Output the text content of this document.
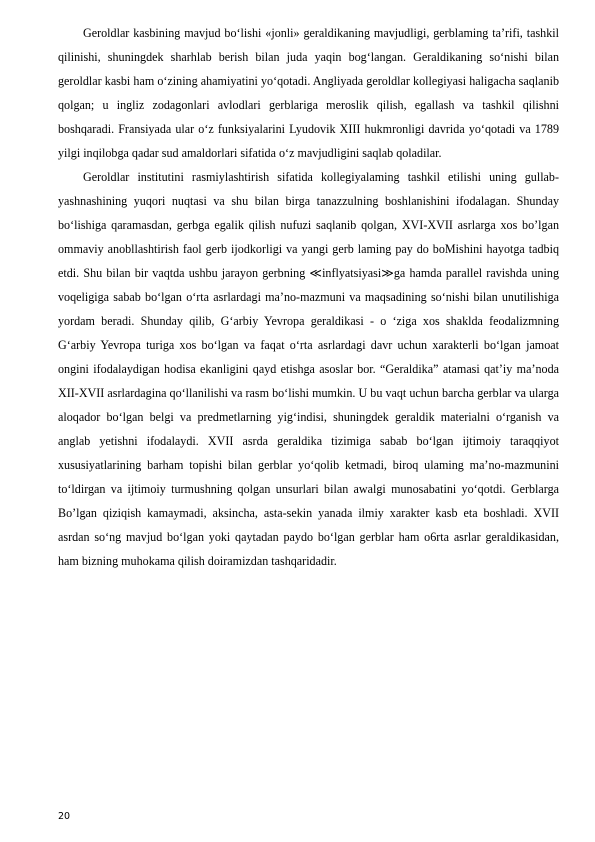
Geroldlar kasbining mavjud bo‘lishi «jonli» geraldikaning mavjudligi, gerblaming ta’rifi, tashkil qilinishi, shuningdek sharhlab berish bilan juda yaqin bog‘langan. Geraldikaning so‘nishi bilan geroldlar kasbi ham o‘zining ahamiyatini yo‘qotadi. Angliyada geroldlar kollegiyasi haligacha saqlanib qolgan; u ingliz zodagonlari avlodlari gerblariga meroslik qilish, egallash va tashkil qilishni boshqaradi. Fransiyada ular o‘z funksiyalarini Lyudovik XIII hukmronligi davrida yo‘qotadi va 1789 yilgi inqilobga qadar sud amaldorlari sifatida o‘z mavjudligini saqlab qoladilar.

Geroldlar institutini rasmiylashtirish sifatida kollegiyalaming tashkil etilishi uning gullab-yashnashining yuqori nuqtasi va shu bilan birga tanazzulning boshlanishini ifodalagan. Shunday bo‘lishiga qaramasdan, gerbga egalik qilish nufuzi saqlanib qolgan, XVI-XVII asrlarga xos bo’lgan ommaviy anobllashtirish faol gerb ijodkorligi va yangi gerb laming pay do boMishini hayotga tadbiq etdi. Shu bilan bir vaqtda ushbu jarayon gerbning ≪inflyatsiyasi≫ga hamda parallel ravishda uning voqeligiga sabab bo‘lgan o‘rta asrlardagi ma’no-mazmuni va maqsadining so‘nishi bilan unutilishiga yordam beradi. Shunday qilib, G‘arbiy Yevropa geraldikasi - o ‘ziga xos shaklda feodalizmning G‘arbiy Yevropa turiga xos bo‘lgan va faqat o‘rta asrlardagi davr uchun xarakterli bo‘lgan jamoat ongini ifodalaydigan hodisa ekanligini qayd etishga asoslar bor. “Geraldika” atamasi qat’iy ma’noda XII-XVII asrlardagina qo‘llanilishi va rasm bo‘lishi mumkin. U bu vaqt uchun barcha gerblar va ularga aloqador bo‘lgan belgi va predmetlarning yig‘indisi, shuningdek geraldik materialni o‘rganish va anglab yetishni ifodalaydi. XVII asrda geraldika tizimiga sabab bo‘lgan ijtimoiy taraqqiyot xususiyatlarining barham topishi bilan gerblar yo‘qolib ketmadi, biroq ulaming ma’no-mazmunini to‘ldirgan va ijtimoiy turmushning qolgan unsurlari bilan awalgi munosabatini yo‘qotdi. Gerblarga Bo’lgan qiziqish kamaymadi, aksincha, asta-sekin yanada ilmiy xarakter kasb eta boshladi. XVII asrdan so‘ng mavjud bo‘lgan yoki qaytadan paydo bo‘lgan gerblar ham o6rta asrlar geraldikasidan, ham bizning muhokama qilish doiramizdan tashqaridadir.

20
